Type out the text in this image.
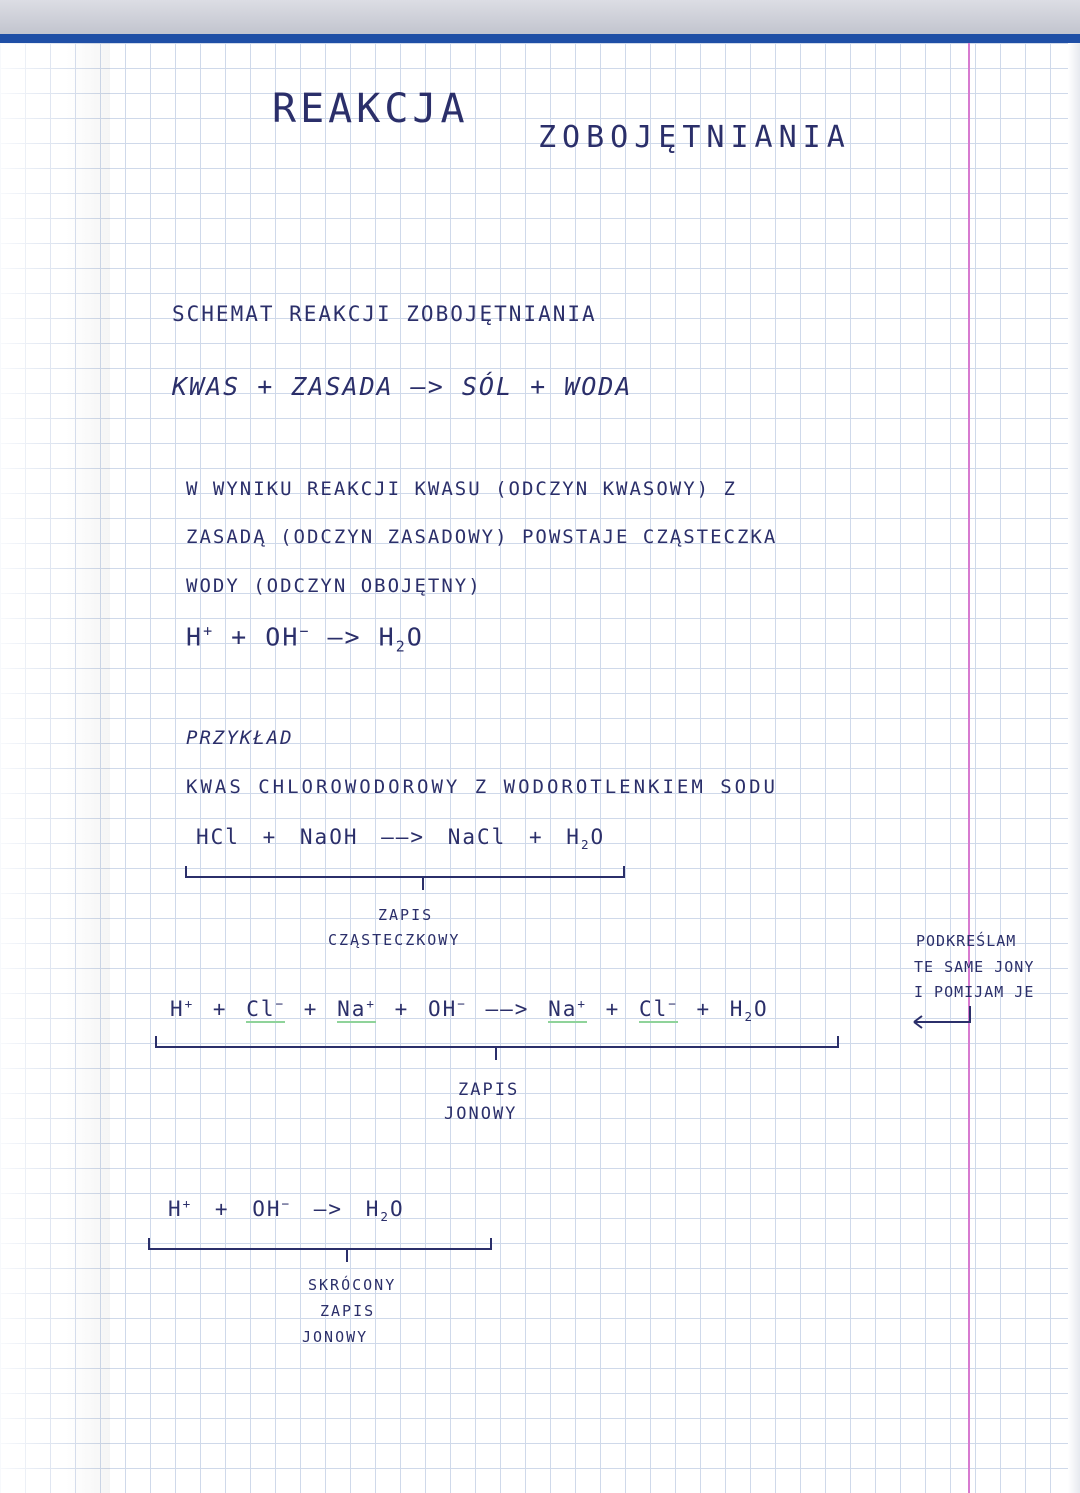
REAKCJA
ZOBOJĘTNIANIA
SCHEMAT REAKCJI ZOBOJĘTNIANIA
KWAS + ZASADA —> SÓL + WODA
W WYNIKU REAKCJI KWASU (ODCZYN KWASOWY) Z
ZASADĄ (ODCZYN ZASADOWY) POWSTAJE CZĄSTECZKA
WODY (ODCZYN OBOJĘTNY)
H+ + OH− —> $H_2O$
PRZYKŁAD
KWAS CHLOROWODOROWY Z WODOROTLENKIEM SODU
HCl + NaOH ——> NaCl + $H_2O$
ZAPIS
CZĄSTECZKOWY
H+ + Cl− + Na+ + OH− ——> $Na^+ + Cl^- + H_2O$
ZAPIS
JONOWY
H+ + OH− —> $H_2O$
SKRÓCONY
ZAPIS
JONOWY
PODKREŚLAM
TE SAME JONY
I POMIJAM JE
